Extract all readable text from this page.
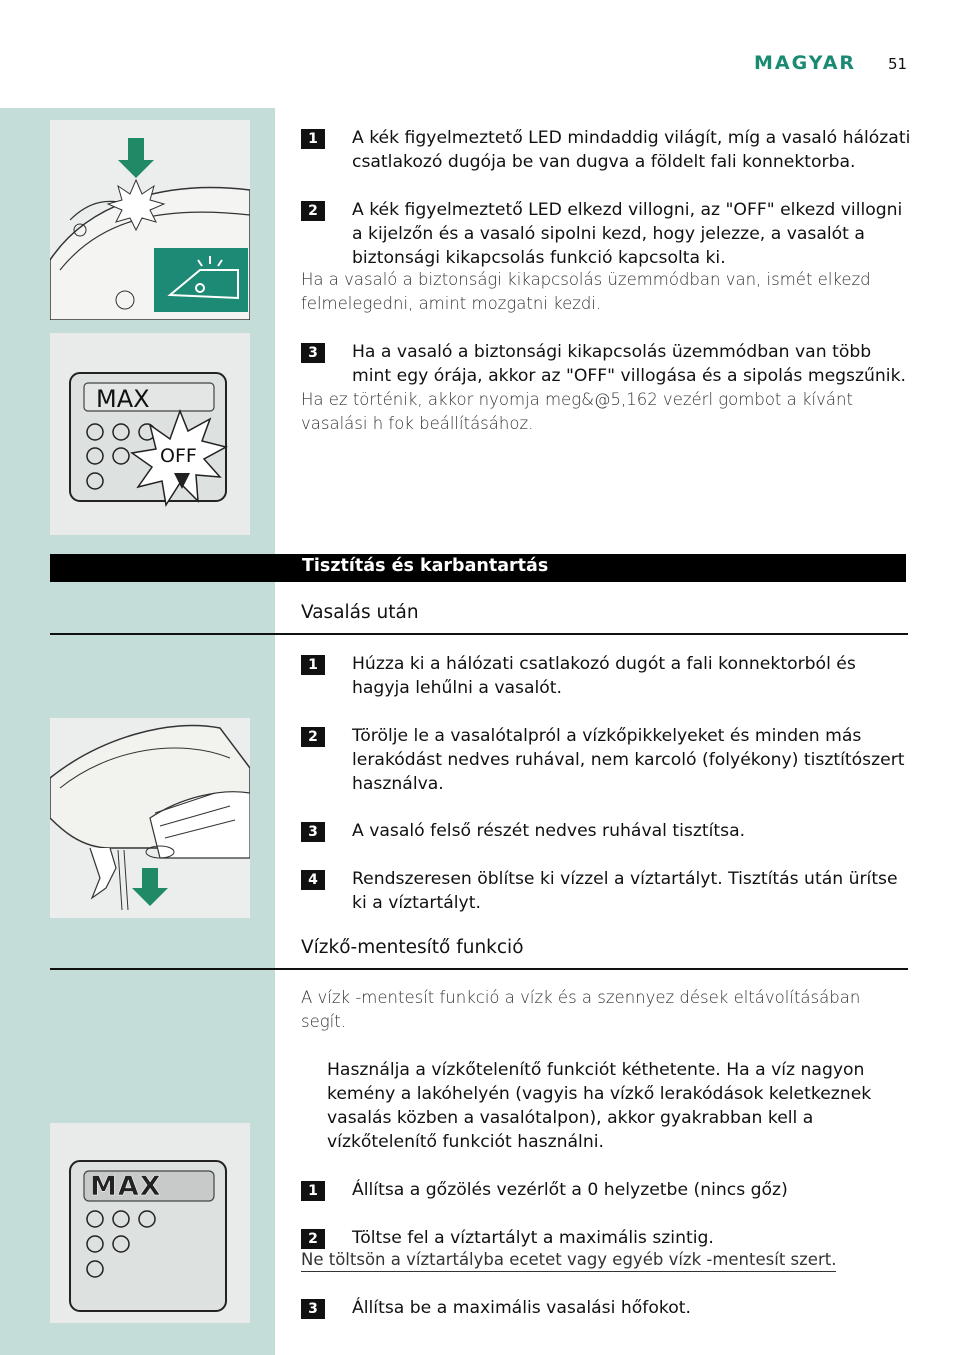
MAGYAR 51
MAX
OFF
MAX
1	A kék figyelmeztető LED mindaddig világít, míg a vasaló hálózati csatlakozó dugója be van dugva a földelt fali konnektorba.
2	A kék figyelmeztető LED elkezd villogni, az "OFF" elkezd villogni a kijelzőn és a vasaló sipolni kezd, hogy jelezze, a vasalót a biztonsági kikapcsolás funkció kapcsolta ki.
Ha a vasaló a biztonsági kikapcsolás üzemmódban van, ismét elkezd felmelegedni, amint mozgatni kezdi.
3	Ha a vasaló a biztonsági kikapcsolás üzemmódban van több mint egy órája, akkor az "OFF" villogása és a sipolás megszűnik.
Ha ez történik, akkor nyomja meg&@5,162 vezérl gombot a kívánt vasalási h fok beállításához.
Tisztítás és karbantartás
Vasalás után
1	Húzza ki a hálózati csatlakozó dugót a fali konnektorból és hagyja lehűlni a vasalót.
2	Törölje le a vasalótalpról a vízkőpikkelyeket és minden más lerakódást nedves ruhával, nem karcoló (folyékony) tisztítószert használva.
3	A vasaló felső részét nedves ruhával tisztítsa.
4	Rendszeresen öblítse ki vízzel a víztartályt. Tisztítás után ürítse ki a víztartályt.
Vízkő-mentesítő funkció
A vízk -mentesít funkció a vízk és a szennyez dések eltávolításában
segít.
Használja a vízkőtelenítő funkciót kéthetente. Ha a víz nagyon kemény a lakóhelyén (vagyis ha vízkő lerakódások keletkeznek vasalás közben a vasalótalpon), akkor gyakrabban kell a vízkőtelenítő funkciót használni.
1	Állítsa a gőzölés vezérlőt a 0 helyzetbe (nincs gőz)
2	Töltse fel a víztartályt a maximális szintig.
Ne töltsön a víztartályba ecetet vagy egyéb vízk -mentesít szert.
3	Állítsa be a maximális vasalási hőfokot.
